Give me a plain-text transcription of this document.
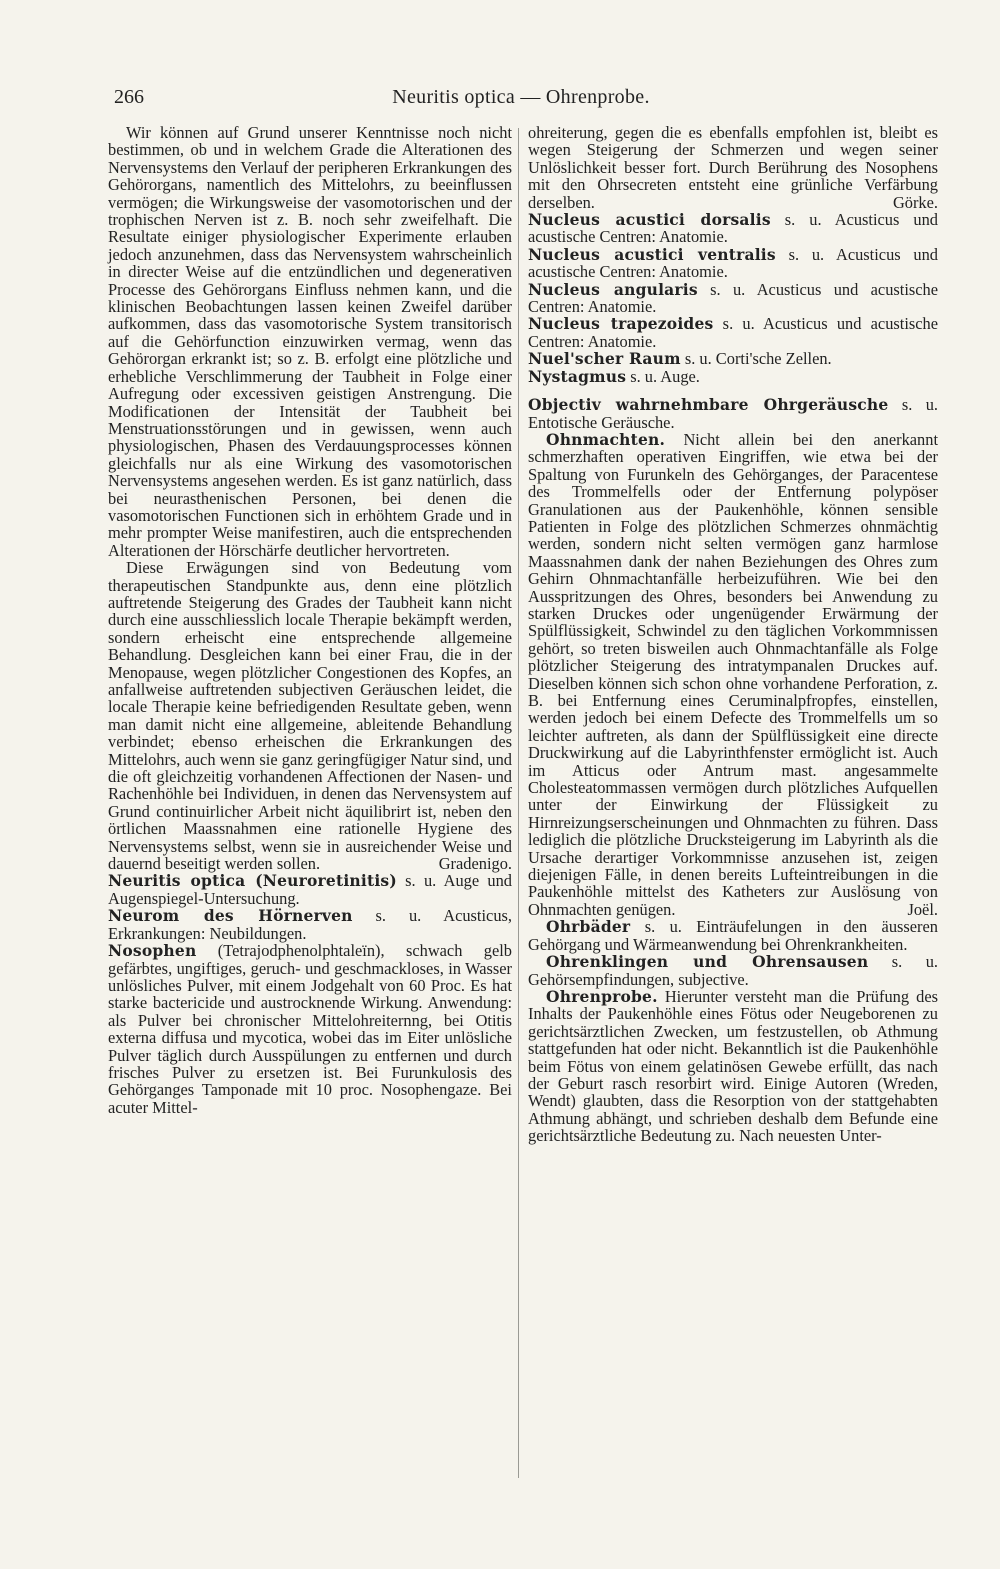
266	Neuritis optica — Ohrenprobe.

Wir können auf Grund unserer Kenntnisse noch nicht bestimmen, ob und in welchem Grade die Alterationen des Nervensystems den Verlauf der peripheren Erkrankungen des Gehörorgans, namentlich des Mittelohrs, zu beeinflussen vermögen; die Wirkungsweise der vasomotorischen und der trophischen Nerven ist z. B. noch sehr zweifelhaft. Die Resultate einiger physiologischer Experimente erlauben jedoch anzunehmen, dass das Nervensystem wahrscheinlich in directer Weise auf die entzündlichen und degenerativen Processe des Gehörorgans Einfluss nehmen kann, und die klinischen Beobachtungen lassen keinen Zweifel darüber aufkommen, dass das vasomotorische System transitorisch auf die Gehörfunction einzuwirken vermag, wenn das Gehörorgan erkrankt ist; so z. B. erfolgt eine plötzliche und erhebliche Verschlimmerung der Taubheit in Folge einer Aufregung oder excessiven geistigen Anstrengung. Die Modificationen der Intensität der Taubheit bei Menstruationsstörungen und in gewissen, wenn auch physiologischen, Phasen des Verdauungsprocesses können gleichfalls nur als eine Wirkung des vasomotorischen Nervensystems angesehen werden. Es ist ganz natürlich, dass bei neurasthenischen Personen, bei denen die vasomotorischen Functionen sich in erhöhtem Grade und in mehr prompter Weise manifestiren, auch die entsprechenden Alterationen der Hörschärfe deutlicher hervortreten.

Diese Erwägungen sind von Bedeutung vom therapeutischen Standpunkte aus, denn eine plötzlich auftretende Steigerung des Grades der Taubheit kann nicht durch eine ausschliesslich locale Therapie bekämpft werden, sondern erheischt eine entsprechende allgemeine Behandlung. Desgleichen kann bei einer Frau, die in der Menopause, wegen plötzlicher Congestionen des Kopfes, an anfallweise auftretenden subjectiven Geräuschen leidet, die locale Therapie keine befriedigenden Resultate geben, wenn man damit nicht eine allgemeine, ableitende Behandlung verbindet; ebenso erheischen die Erkrankungen des Mittelohrs, auch wenn sie ganz geringfügiger Natur sind, und die oft gleichzeitig vorhandenen Affectionen der Nasen- und Rachenhöhle bei Individuen, in denen das Nervensystem auf Grund continuirlicher Arbeit nicht äquilibrirt ist, neben den örtlichen Maassnahmen eine rationelle Hygiene des Nervensystems selbst, wenn sie in ausreichender Weise und dauernd beseitigt werden sollen.	Gradenigo.

Neuritis optica (Neuroretinitis) s. u. Auge und Augenspiegel-Untersuchung.

Neurom des Hörnerven s. u. Acusticus, Erkrankungen: Neubildungen.

Nosophen (Tetrajodphenolphtaleïn), schwach gelb gefärbtes, ungiftiges, geruch- und geschmackloses, in Wasser unlösliches Pulver, mit einem Jodgehalt von 60 Proc. Es hat starke bactericide und austrocknende Wirkung. Anwendung: als Pulver bei chronischer Mittelohreiternng, bei Otitis externa diffusa und mycotica, wobei das im Eiter unlösliche Pulver täglich durch Ausspülungen zu entfernen und durch frisches Pulver zu ersetzen ist. Bei Furunkulosis des Gehörganges Tamponade mit 10 proc. Nosophengaze. Bei acuter Mittel-

ohreiterung, gegen die es ebenfalls empfohlen ist, bleibt es wegen Steigerung der Schmerzen und wegen seiner Unlöslichkeit besser fort. Durch Berührung des Nosophens mit den Ohrsecreten entsteht eine grünliche Verfärbung derselben.	Görke.

Nucleus acustici dorsalis s. u. Acusticus und acustische Centren: Anatomie.

Nucleus acustici ventralis s. u. Acusticus und acustische Centren: Anatomie.

Nucleus angularis s. u. Acusticus und acustische Centren: Anatomie.

Nucleus trapezoides s. u. Acusticus und acustische Centren: Anatomie.

Nuel'scher Raum s. u. Corti'sche Zellen.

Nystagmus s. u. Auge.

Objectiv wahrnehmbare Ohrgeräusche s. u. Entotische Geräusche.

Ohnmachten. Nicht allein bei den anerkannt schmerzhaften operativen Eingriffen, wie etwa bei der Spaltung von Furunkeln des Gehörganges, der Paracentese des Trommelfells oder der Entfernung polypöser Granulationen aus der Paukenhöhle, können sensible Patienten in Folge des plötzlichen Schmerzes ohnmächtig werden, sondern nicht selten vermögen ganz harmlose Maassnahmen dank der nahen Beziehungen des Ohres zum Gehirn Ohnmachtanfälle herbeizuführen. Wie bei den Ausspritzungen des Ohres, besonders bei Anwendung zu starken Druckes oder ungenügender Erwärmung der Spülflüssigkeit, Schwindel zu den täglichen Vorkommnissen gehört, so treten bisweilen auch Ohnmachtanfälle als Folge plötzlicher Steigerung des intratympanalen Druckes auf. Dieselben können sich schon ohne vorhandene Perforation, z. B. bei Entfernung eines Ceruminalpfropfes, einstellen, werden jedoch bei einem Defecte des Trommelfells um so leichter auftreten, als dann der Spülflüssigkeit eine directe Druckwirkung auf die Labyrinthfenster ermöglicht ist. Auch im Atticus oder Antrum mast. angesammelte Cholesteatommassen vermögen durch plötzliches Aufquellen unter der Einwirkung der Flüssigkeit zu Hirnreizungserscheinungen und Ohnmachten zu führen. Dass lediglich die plötzliche Drucksteigerung im Labyrinth als die Ursache derartiger Vorkommnisse anzusehen ist, zeigen diejenigen Fälle, in denen bereits Lufteintreibungen in die Paukenhöhle mittelst des Katheters zur Auslösung von Ohnmachten genügen.	Joël.

Ohrbäder s. u. Einträufelungen in den äusseren Gehörgang und Wärmeanwendung bei Ohrenkrankheiten.

Ohrenklingen und Ohrensausen s. u. Gehörsempfindungen, subjective.

Ohrenprobe. Hierunter versteht man die Prüfung des Inhalts der Paukenhöhle eines Fötus oder Neugeborenen zu gerichtsärztlichen Zwecken, um festzustellen, ob Athmung stattgefunden hat oder nicht. Bekanntlich ist die Paukenhöhle beim Fötus von einem gelatinösen Gewebe erfüllt, das nach der Geburt rasch resorbirt wird. Einige Autoren (Wreden, Wendt) glaubten, dass die Resorption von der stattgehabten Athmung abhängt, und schrieben deshalb dem Befunde eine gerichtsärztliche Bedeutung zu. Nach neuesten Unter-
